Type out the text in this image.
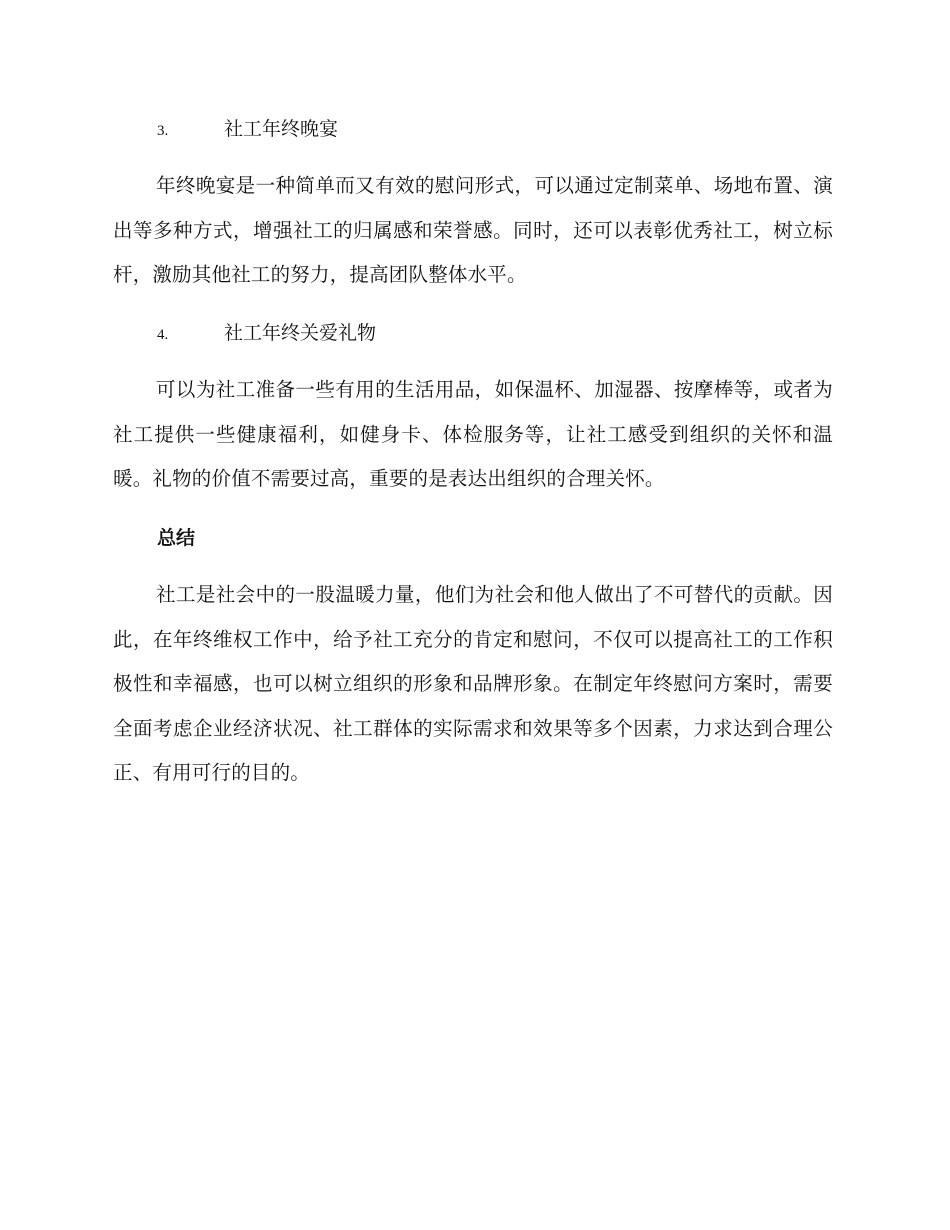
3.	社工年终晚宴

年终晚宴是一种简单而又有效的慰问形式，可以通过定制菜单、场地布置、演出等多种方式，增强社工的归属感和荣誉感。同时，还可以表彰优秀社工，树立标杆，激励其他社工的努力，提高团队整体水平。

4.	社工年终关爱礼物

可以为社工准备一些有用的生活用品，如保温杯、加湿器、按摩棒等，或者为社工提供一些健康福利，如健身卡、体检服务等，让社工感受到组织的关怀和温暖。礼物的价值不需要过高，重要的是表达出组织的合理关怀。

总结

社工是社会中的一股温暖力量，他们为社会和他人做出了不可替代的贡献。因此，在年终维权工作中，给予社工充分的肯定和慰问，不仅可以提高社工的工作积极性和幸福感，也可以树立组织的形象和品牌形象。在制定年终慰问方案时，需要全面考虑企业经济状况、社工群体的实际需求和效果等多个因素，力求达到合理公正、有用可行的目的。
